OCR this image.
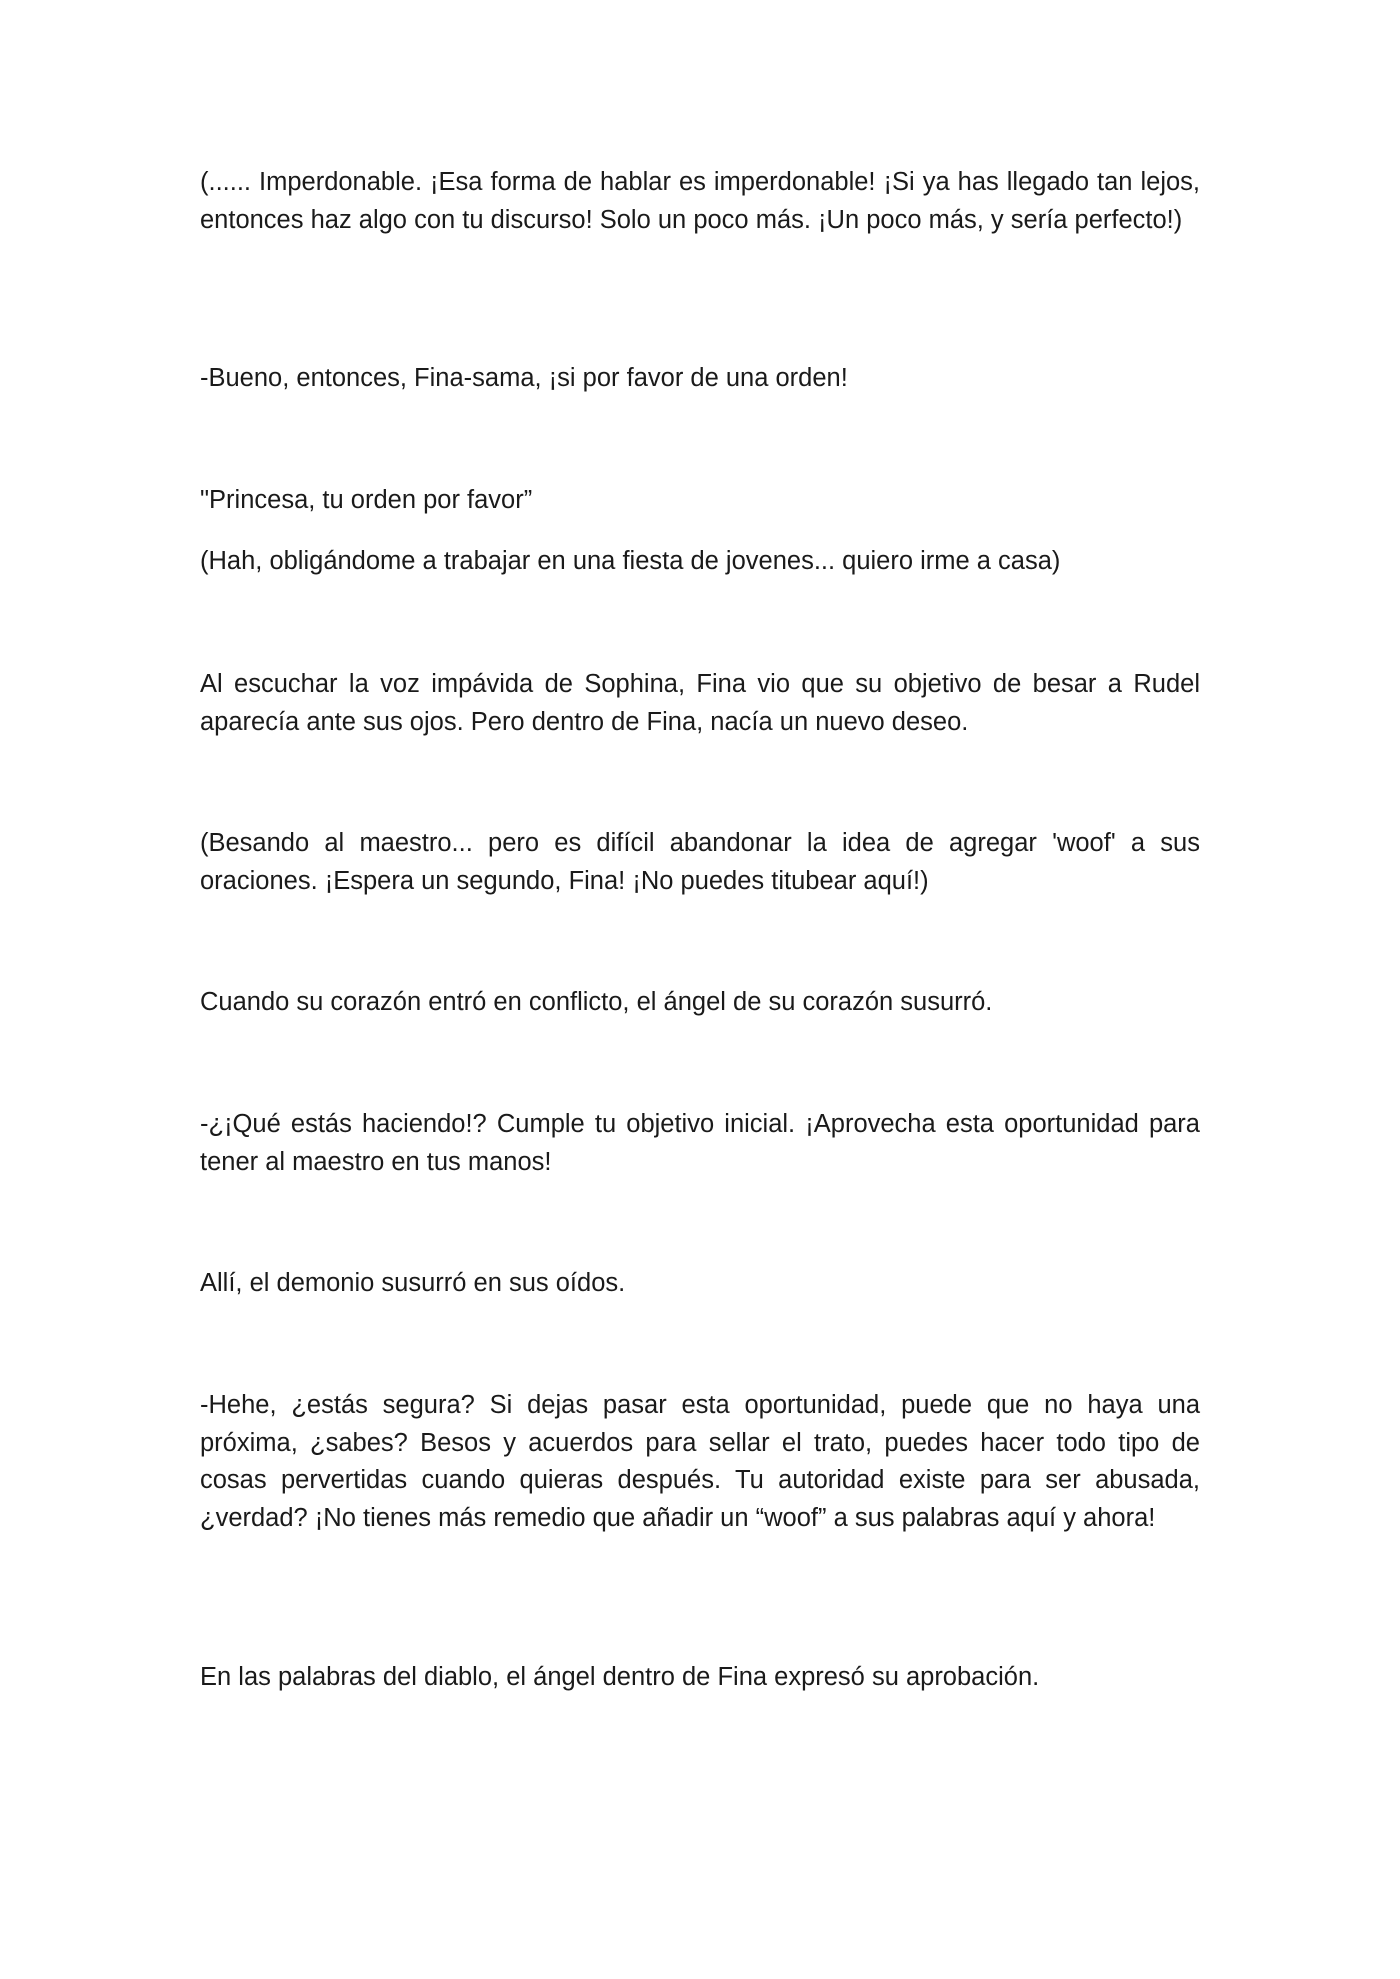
(...... Imperdonable. ¡Esa forma de hablar es imperdonable! ¡Si ya has llegado tan lejos, entonces haz algo con tu discurso! Solo un poco más. ¡Un poco más, y sería perfecto!)

-Bueno, entonces, Fina-sama, ¡si por favor de una orden!

"Princesa, tu orden por favor”

(Hah, obligándome a trabajar en una fiesta de jovenes... quiero irme a casa)

Al escuchar la voz impávida de Sophina, Fina vio que su objetivo de besar a Rudel aparecía ante sus ojos. Pero dentro de Fina, nacía un nuevo deseo.

(Besando al maestro... pero es difícil abandonar la idea de agregar 'woof' a sus oraciones. ¡Espera un segundo, Fina! ¡No puedes titubear aquí!)

Cuando su corazón entró en conflicto, el ángel de su corazón susurró.

-¿¡Qué estás haciendo!? Cumple tu objetivo inicial. ¡Aprovecha esta oportunidad para tener al maestro en tus manos!

Allí, el demonio susurró en sus oídos.

-Hehe, ¿estás segura? Si dejas pasar esta oportunidad, puede que no haya una próxima, ¿sabes? Besos y acuerdos para sellar el trato, puedes hacer todo tipo de cosas pervertidas cuando quieras después. Tu autoridad existe para ser abusada, ¿verdad? ¡No tienes más remedio que añadir un “woof” a sus palabras aquí y ahora!

En las palabras del diablo, el ángel dentro de Fina expresó su aprobación.
